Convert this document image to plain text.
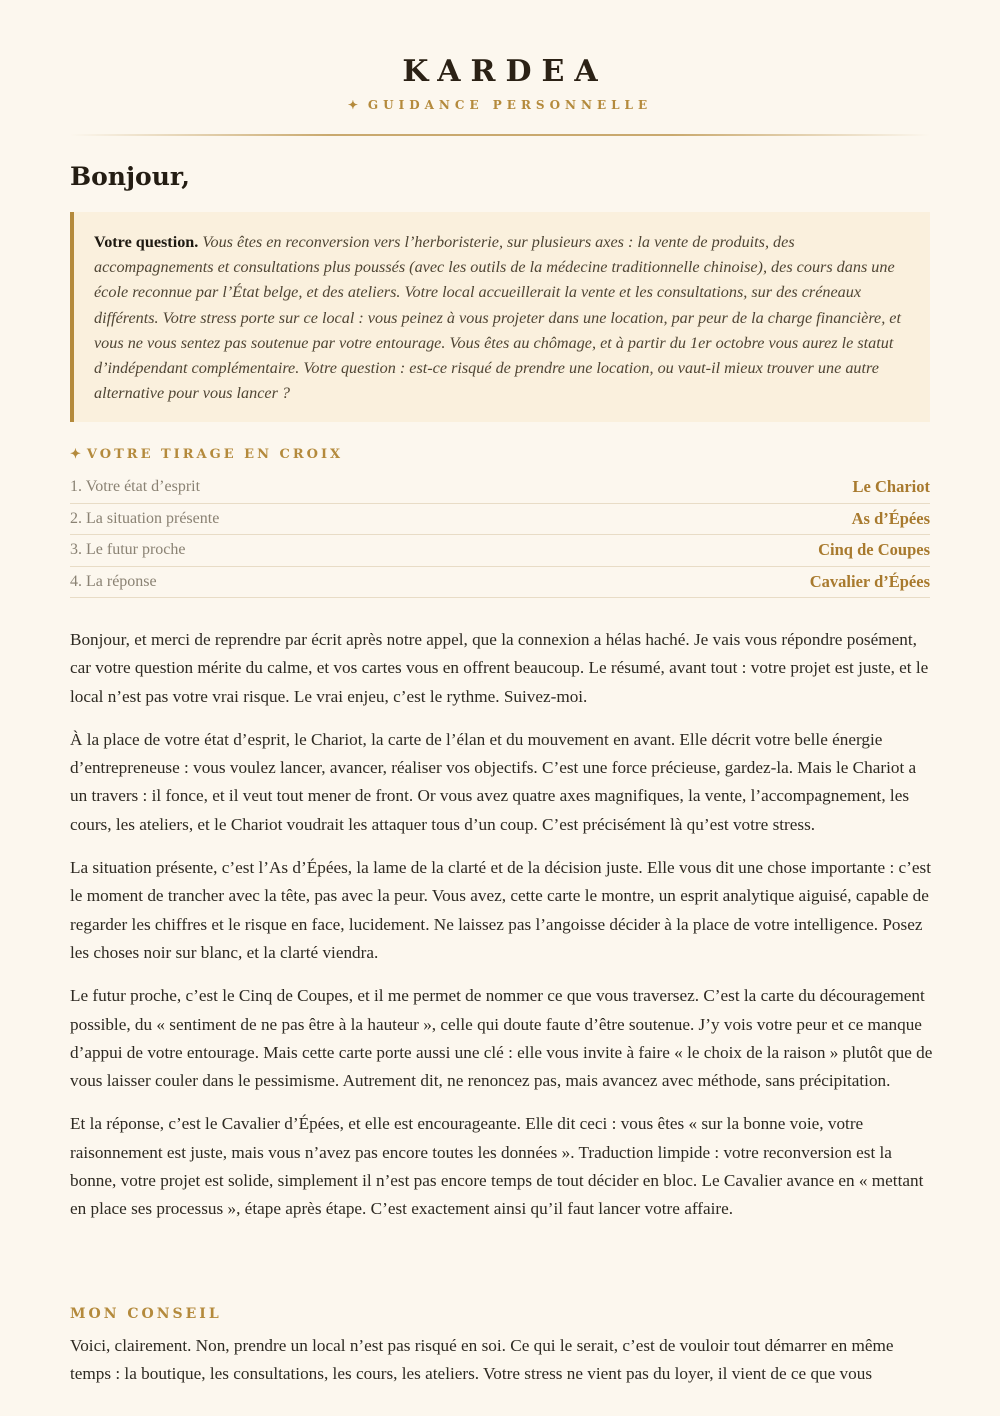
KARDEA
✦ GUIDANCE PERSONNELLE
Bonjour,
Votre question. Vous êtes en reconversion vers l’herboristerie, sur plusieurs axes : la vente de produits, des accompagnements et consultations plus poussés (avec les outils de la médecine traditionnelle chinoise), des cours dans une école reconnue par l’État belge, et des ateliers. Votre local accueillerait la vente et les consultations, sur des créneaux différents. Votre stress porte sur ce local : vous peinez à vous projeter dans une location, par peur de la charge financière, et vous ne vous sentez pas soutenue par votre entourage. Vous êtes au chômage, et à partir du 1er octobre vous aurez le statut d’indépendant complémentaire. Votre question : est-ce risqué de prendre une location, ou vaut-il mieux trouver une autre alternative pour vous lancer ?
✦ VOTRE TIRAGE EN CROIX
1. Votre état d’esprit	Le Chariot
2. La situation présente	As d’Épées
3. Le futur proche	Cinq de Coupes
4. La réponse	Cavalier d’Épées

Bonjour, et merci de reprendre par écrit après notre appel, que la connexion a hélas haché. Je vais vous répondre posément, car votre question mérite du calme, et vos cartes vous en offrent beaucoup. Le résumé, avant tout : votre projet est juste, et le local n’est pas votre vrai risque. Le vrai enjeu, c’est le rythme. Suivez-moi.

À la place de votre état d’esprit, le Chariot, la carte de l’élan et du mouvement en avant. Elle décrit votre belle énergie d’entrepreneuse : vous voulez lancer, avancer, réaliser vos objectifs. C’est une force précieuse, gardez-la. Mais le Chariot a un travers : il fonce, et il veut tout mener de front. Or vous avez quatre axes magnifiques, la vente, l’accompagnement, les cours, les ateliers, et le Chariot voudrait les attaquer tous d’un coup. C’est précisément là qu’est votre stress.

La situation présente, c’est l’As d’Épées, la lame de la clarté et de la décision juste. Elle vous dit une chose importante : c’est le moment de trancher avec la tête, pas avec la peur. Vous avez, cette carte le montre, un esprit analytique aiguisé, capable de regarder les chiffres et le risque en face, lucidement. Ne laissez pas l’angoisse décider à la place de votre intelligence. Posez les choses noir sur blanc, et la clarté viendra.

Le futur proche, c’est le Cinq de Coupes, et il me permet de nommer ce que vous traversez. C’est la carte du découragement possible, du « sentiment de ne pas être à la hauteur », celle qui doute faute d’être soutenue. J’y vois votre peur et ce manque d’appui de votre entourage. Mais cette carte porte aussi une clé : elle vous invite à faire « le choix de la raison » plutôt que de vous laisser couler dans le pessimisme. Autrement dit, ne renoncez pas, mais avancez avec méthode, sans précipitation.

Et la réponse, c’est le Cavalier d’Épées, et elle est encourageante. Elle dit ceci : vous êtes « sur la bonne voie, votre raisonnement est juste, mais vous n’avez pas encore toutes les données ». Traduction limpide : votre reconversion est la bonne, votre projet est solide, simplement il n’est pas encore temps de tout décider en bloc. Le Cavalier avance en « mettant en place ses processus », étape après étape. C’est exactement ainsi qu’il faut lancer votre affaire.

MON CONSEIL

Voici, clairement. Non, prendre un local n’est pas risqué en soi. Ce qui le serait, c’est de vouloir tout démarrer en même temps : la boutique, les consultations, les cours, les ateliers. Votre stress ne vient pas du loyer, il vient de ce que vous
